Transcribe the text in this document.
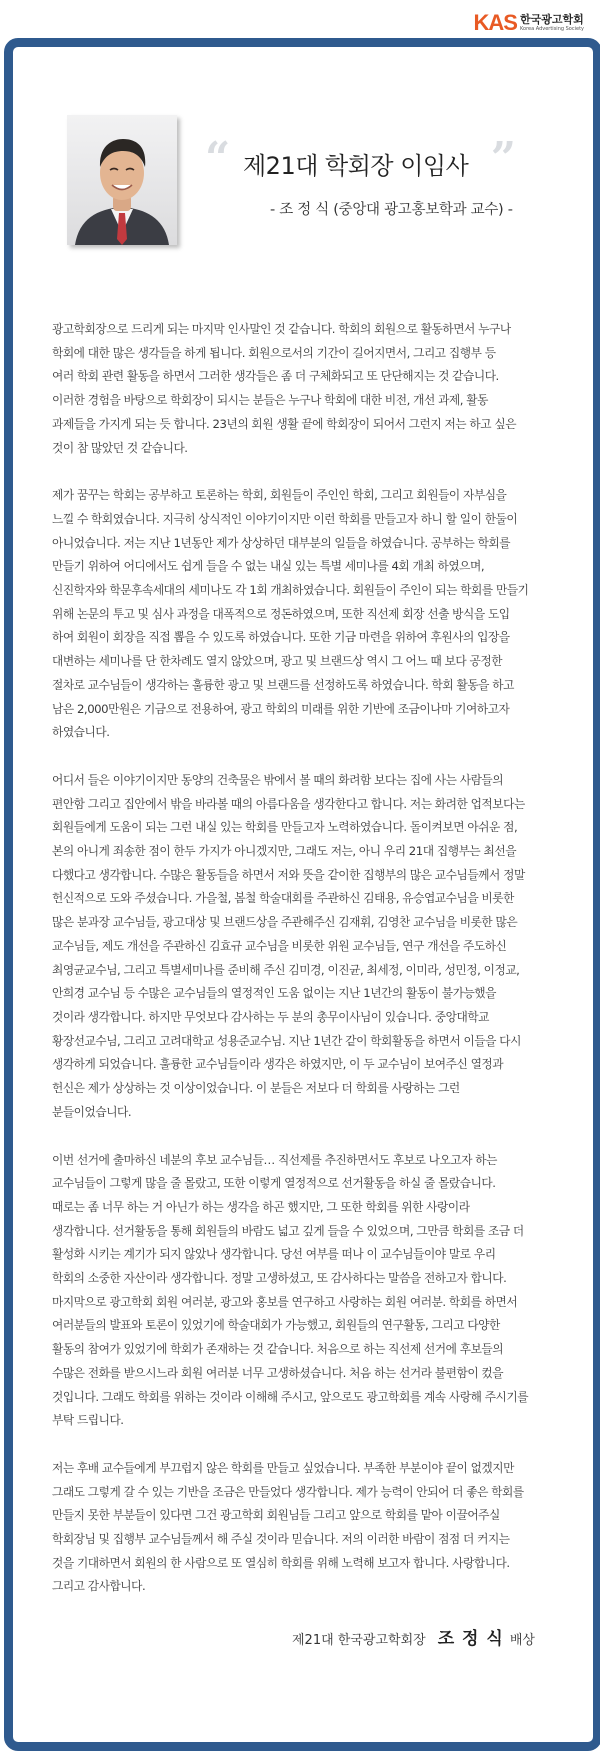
KAS 한국광고학회
Korea Advertising Society
“ 제21대 학회장 이임사 ”
- 조 정 식 (중앙대 광고홍보학과 교수) -

광고학회장으로 드리게 되는 마지막 인사말인 것 같습니다. 학회의 회원으로 활동하면서 누구나
학회에 대한 많은 생각들을 하게 됩니다. 회원으로서의 기간이 길어지면서, 그리고 집행부 등
여러 학회 관련 활동을 하면서 그러한 생각들은 좀 더 구체화되고 또 단단해지는 것 같습니다.
이러한 경험을 바탕으로 학회장이 되시는 분들은 누구나 학회에 대한 비전, 개선 과제, 활동
과제들을 가지게 되는 듯 합니다. 23년의 회원 생활 끝에 학회장이 되어서 그런지 저는 하고 싶은
것이 참 많았던 것 같습니다.

제가 꿈꾸는 학회는 공부하고 토론하는 학회, 회원들이 주인인 학회, 그리고 회원들이 자부심을
느낄 수 학회였습니다. 지극히 상식적인 이야기이지만 이런 학회를 만들고자 하니 할 일이 한둘이
아니었습니다. 저는 지난 1년동안 제가 상상하던 대부분의 일들을 하였습니다. 공부하는 학회를
만들기 위하여 어디에서도 쉽게 들을 수 없는 내실 있는 특별 세미나를 4회 개최 하였으며,
신진학자와 학문후속세대의 세미나도 각 1회 개최하였습니다. 회원들이 주인이 되는 학회를 만들기
위해 논문의 투고 및 심사 과정을 대폭적으로 정돈하였으며, 또한 직선제 회장 선출 방식을 도입
하여 회원이 회장을 직접 뽑을 수 있도록 하였습니다. 또한 기금 마련을 위하여 후원사의 입장을
대변하는 세미나를 단 한차례도 열지 않았으며, 광고 및 브랜드상 역시 그 어느 때 보다 공정한
절차로 교수님들이 생각하는 훌륭한 광고 및 브랜드를 선정하도록 하였습니다. 학회 활동을 하고
남은 2,000만원은 기금으로 전용하여, 광고 학회의 미래를 위한 기반에 조금이나마 기여하고자
하였습니다.

어디서 들은 이야기이지만 동양의 건축물은 밖에서 볼 때의 화려함 보다는 집에 사는 사람들의
편안함 그리고 집안에서 밖을 바라볼 때의 아름다움을 생각한다고 합니다. 저는 화려한 업적보다는
회원들에게 도움이 되는 그런 내실 있는 학회를 만들고자 노력하였습니다. 돌이켜보면 아쉬운 점,
본의 아니게 죄송한 점이 한두 가지가 아니겠지만, 그래도 저는, 아니 우리 21대 집행부는 최선을
다했다고 생각합니다. 수많은 활동들을 하면서 저와 뜻을 같이한 집행부의 많은 교수님들께서 정말
헌신적으로 도와 주셨습니다. 가을철, 봄철 학술대회를 주관하신 김태용, 유승엽교수님을 비롯한
많은 분과장 교수님들, 광고대상 및 브랜드상을 주관해주신 김재휘, 김영찬 교수님을 비롯한 많은
교수님들, 제도 개선을 주관하신 김효규 교수님을 비롯한 위원 교수님들, 연구 개선을 주도하신
최영균교수님, 그리고 특별세미나를 준비해 주신 김미경, 이진균, 최세정, 이미라, 성민정, 이정교,
안희경 교수님 등 수많은 교수님들의 열정적인 도움 없이는 지난 1년간의 활동이 불가능했을
것이라 생각합니다. 하지만 무엇보다 감사하는 두 분의 총무이사님이 있습니다. 중앙대학교
황장선교수님, 그리고 고려대학교 성용준교수님. 지난 1년간 같이 학회활동을 하면서 이들을 다시
생각하게 되었습니다. 훌륭한 교수님들이라 생각은 하였지만, 이 두 교수님이 보여주신 열정과
헌신은 제가 상상하는 것 이상이었습니다. 이 분들은 저보다 더 학회를 사랑하는 그런
분들이었습니다.

이번 선거에 출마하신 네분의 후보 교수님들… 직선제를 추진하면서도 후보로 나오고자 하는
교수님들이 그렇게 많을 줄 몰랐고, 또한 이렇게 열정적으로 선거활동을 하실 줄 몰랐습니다.
때로는 좀 너무 하는 거 아닌가 하는 생각을 하곤 했지만, 그 또한 학회를 위한 사랑이라
생각합니다. 선거활동을 통해 회원들의 바람도 넓고 깊게 들을 수 있었으며, 그만큼 학회를 조금 더
활성화 시키는 계기가 되지 않았나 생각합니다. 당선 여부를 떠나 이 교수님들이야 말로 우리
학회의 소중한 자산이라 생각합니다. 정말 고생하셨고, 또 감사하다는 말씀을 전하고자 합니다.
마지막으로 광고학회 회원 여러분, 광고와 홍보를 연구하고 사랑하는 회원 여러분. 학회를 하면서
여러분들의 발표와 토론이 있었기에 학술대회가 가능했고, 회원들의 연구활동, 그리고 다양한
활동의 참여가 있었기에 학회가 존재하는 것 같습니다. 처음으로 하는 직선제 선거에 후보들의
수많은 전화를 받으시느라 회원 여러분 너무 고생하셨습니다. 처음 하는 선거라 불편함이 컸을
것입니다. 그래도 학회를 위하는 것이라 이해해 주시고, 앞으로도 광고학회를 계속 사랑해 주시기를
부탁 드립니다.

저는 후배 교수들에게 부끄럽지 않은 학회를 만들고 싶었습니다. 부족한 부분이야 끝이 없겠지만
그래도 그렇게 갈 수 있는 기반을 조금은 만들었다 생각합니다. 제가 능력이 안되어 더 좋은 학회를
만들지 못한 부분들이 있다면 그건 광고학회 회원님들 그리고 앞으로 학회를 맡아 이끌어주실
학회장님 및 집행부 교수님들께서 해 주실 것이라 믿습니다. 저의 이러한 바람이 점점 더 커지는
것을 기대하면서 회원의 한 사람으로 또 열심히 학회를 위해 노력해 보고자 합니다. 사랑합니다.
그리고 감사합니다.

제21대 한국광고학회장 조 정 식 배상
